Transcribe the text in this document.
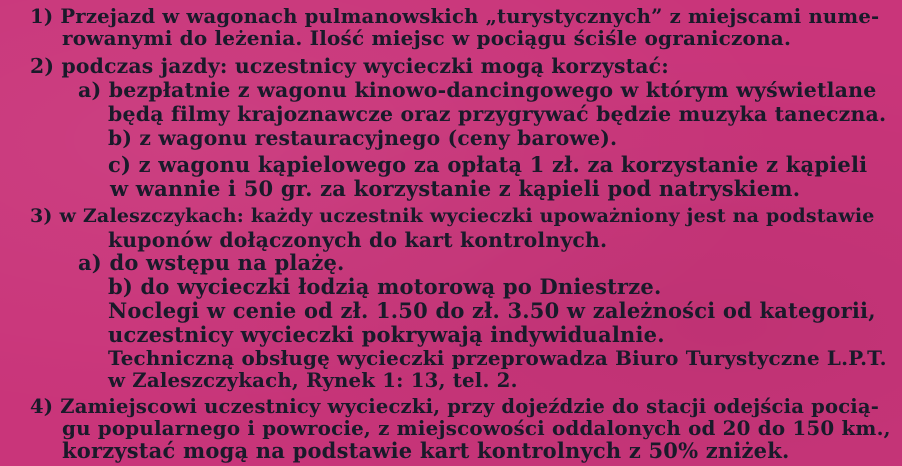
1) Przejazd w wagonach pulmanowskich „turystycznych” z miejscami nume-
rowanymi do leżenia. Ilość miejsc w pociągu ściśle ograniczona.
2) podczas jazdy: uczestnicy wycieczki mogą korzystać:
a) bezpłatnie z wagonu kinowo-dancingowego w którym wyświetlane
będą filmy krajoznawcze oraz przygrywać będzie muzyka taneczna.
b) z wagonu restauracyjnego (ceny barowe).
c) z wagonu kąpielowego za opłatą 1 zł. za korzystanie z kąpieli
w wannie i 50 gr. za korzystanie z kąpieli pod natryskiem.
3) w Zaleszczykach: każdy uczestnik wycieczki upoważniony jest na podstawie
kuponów dołączonych do kart kontrolnych.
a) do wstępu na plażę.
b) do wycieczki łodzią motorową po Dniestrze.
Noclegi w cenie od zł. 1.50 do zł. 3.50 w zależności od kategorii,
uczestnicy wycieczki pokrywają indywidualnie.
Techniczną obsługę wycieczki przeprowadza Biuro Turystyczne L.P.T.
w Zaleszczykach, Rynek 1: 13, tel. 2.
4) Zamiejscowi uczestnicy wycieczki, przy dojeździe do stacji odejścia pocią-
gu popularnego i powrocie, z miejscowości oddalonych od 20 do 150 km.,
korzystać mogą na podstawie kart kontrolnych z 50% zniżek.
